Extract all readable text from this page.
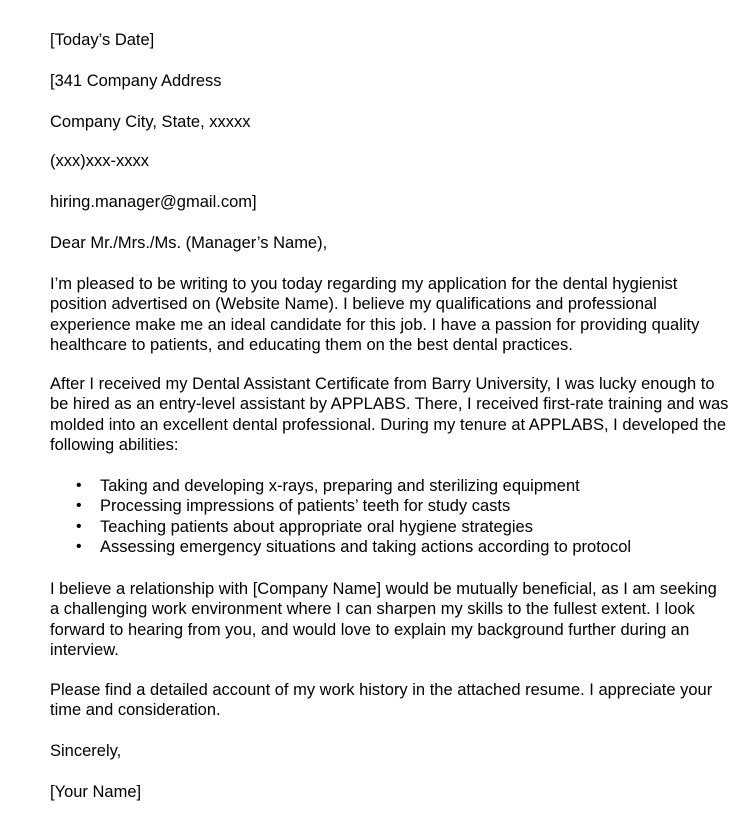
[Today’s Date]

[341 Company Address

Company City, State, xxxxx

(xxx)xxx-xxxx

hiring.manager@gmail.com]

Dear Mr./Mrs./Ms. (Manager’s Name),

I’m pleased to be writing to you today regarding my application for the dental hygienist
position advertised on (Website Name). I believe my qualifications and professional
experience make me an ideal candidate for this job. I have a passion for providing quality
healthcare to patients, and educating them on the best dental practices.
After I received my Dental Assistant Certificate from Barry University, I was lucky enough to
be hired as an entry-level assistant by APPLABS. There, I received first-rate training and was
molded into an excellent dental professional. During my tenure at APPLABS, I developed the
following abilities:
• Taking and developing x-rays, preparing and sterilizing equipment
• Processing impressions of patients’ teeth for study casts
• Teaching patients about appropriate oral hygiene strategies
• Assessing emergency situations and taking actions according to protocol
I believe a relationship with [Company Name] would be mutually beneficial, as I am seeking
a challenging work environment where I can sharpen my skills to the fullest extent. I look
forward to hearing from you, and would love to explain my background further during an
interview.
Please find a detailed account of my work history in the attached resume. I appreciate your
time and consideration.

Sincerely,

[Your Name]
